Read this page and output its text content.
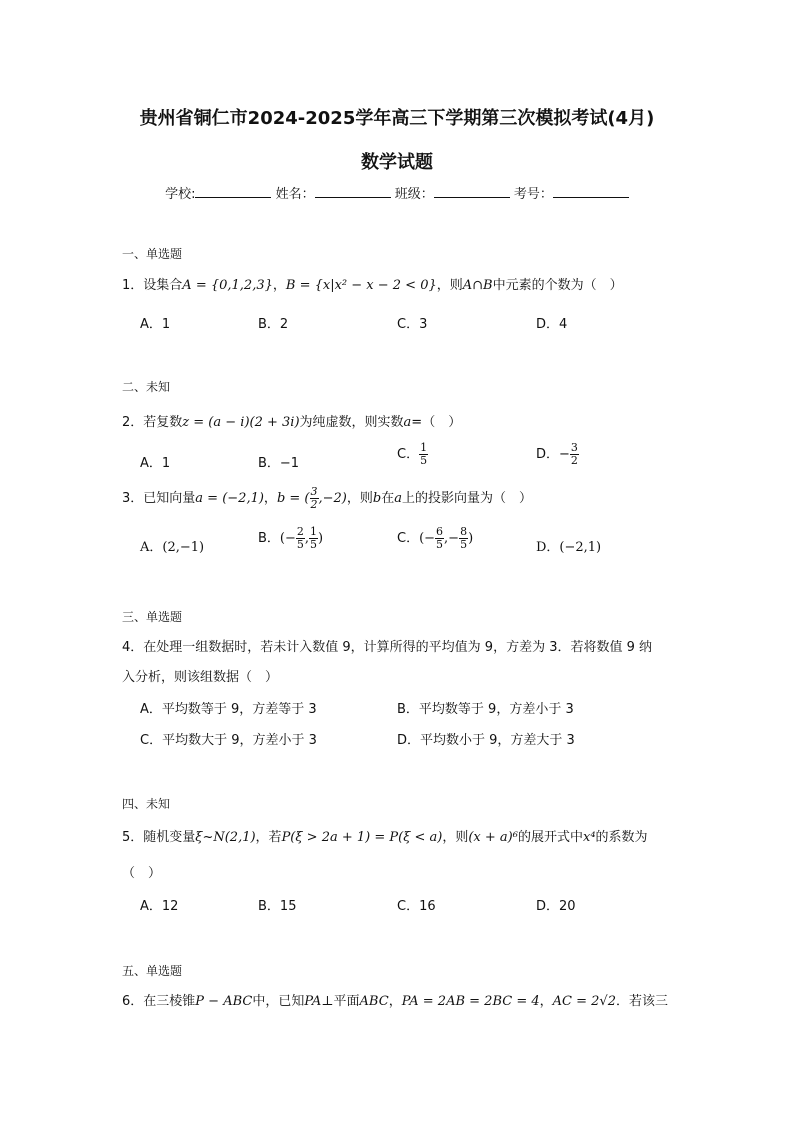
贵州省铜仁市2024-2025学年高三下学期第三次模拟考试(4月)
数学试题
学校:	姓名：	班级：	考号：
一、单选题
1．设集合A = {0,1,2,3}，B = {x|x² − x − 2 < 0}，则A∩B中元素的个数为（　）
A．1	B．2	C．3	D．4
二、未知
2．若复数z = (a − i)(2 + 3i)为纯虚数，则实数a=（　）
A．1	B．−1
C． $\frac{1}{5}$	D．− $\frac{3}{2}$
3．已知向量a = (−2,1)，b = ( $\frac{3}{2} ,-2$)，则b在a上的投影向量为（　）
A．(2,−1)
B．(− $\frac{2}{5}$ , $\frac{1}{5}$ )	C．(− $\frac{6}{5}$ ,− $\frac{8}{5}$ )
D．(−2,1)
三、单选题
4．在处理一组数据时，若未计入数值 9，计算所得的平均值为 9，方差为 3．若将数值 9 纳
入分析，则该组数据（　）
A．平均数等于 9，方差等于 3	B．平均数等于 9，方差小于 3
C．平均数大于 9，方差小于 3	D．平均数小于 9，方差大于 3
四、未知
5．随机变量ξ~N(2,1)，若P(ξ > 2a + 1) = P(ξ < a)，则(x + a)⁶的展开式中x⁴的系数为
（　）
A．12	B．15	C．16	D．20
五、单选题
6．在三棱锥P − ABC中，已知PA⊥平面ABC，PA = 2AB = 2BC = 4，AC = 2√2．若该三
